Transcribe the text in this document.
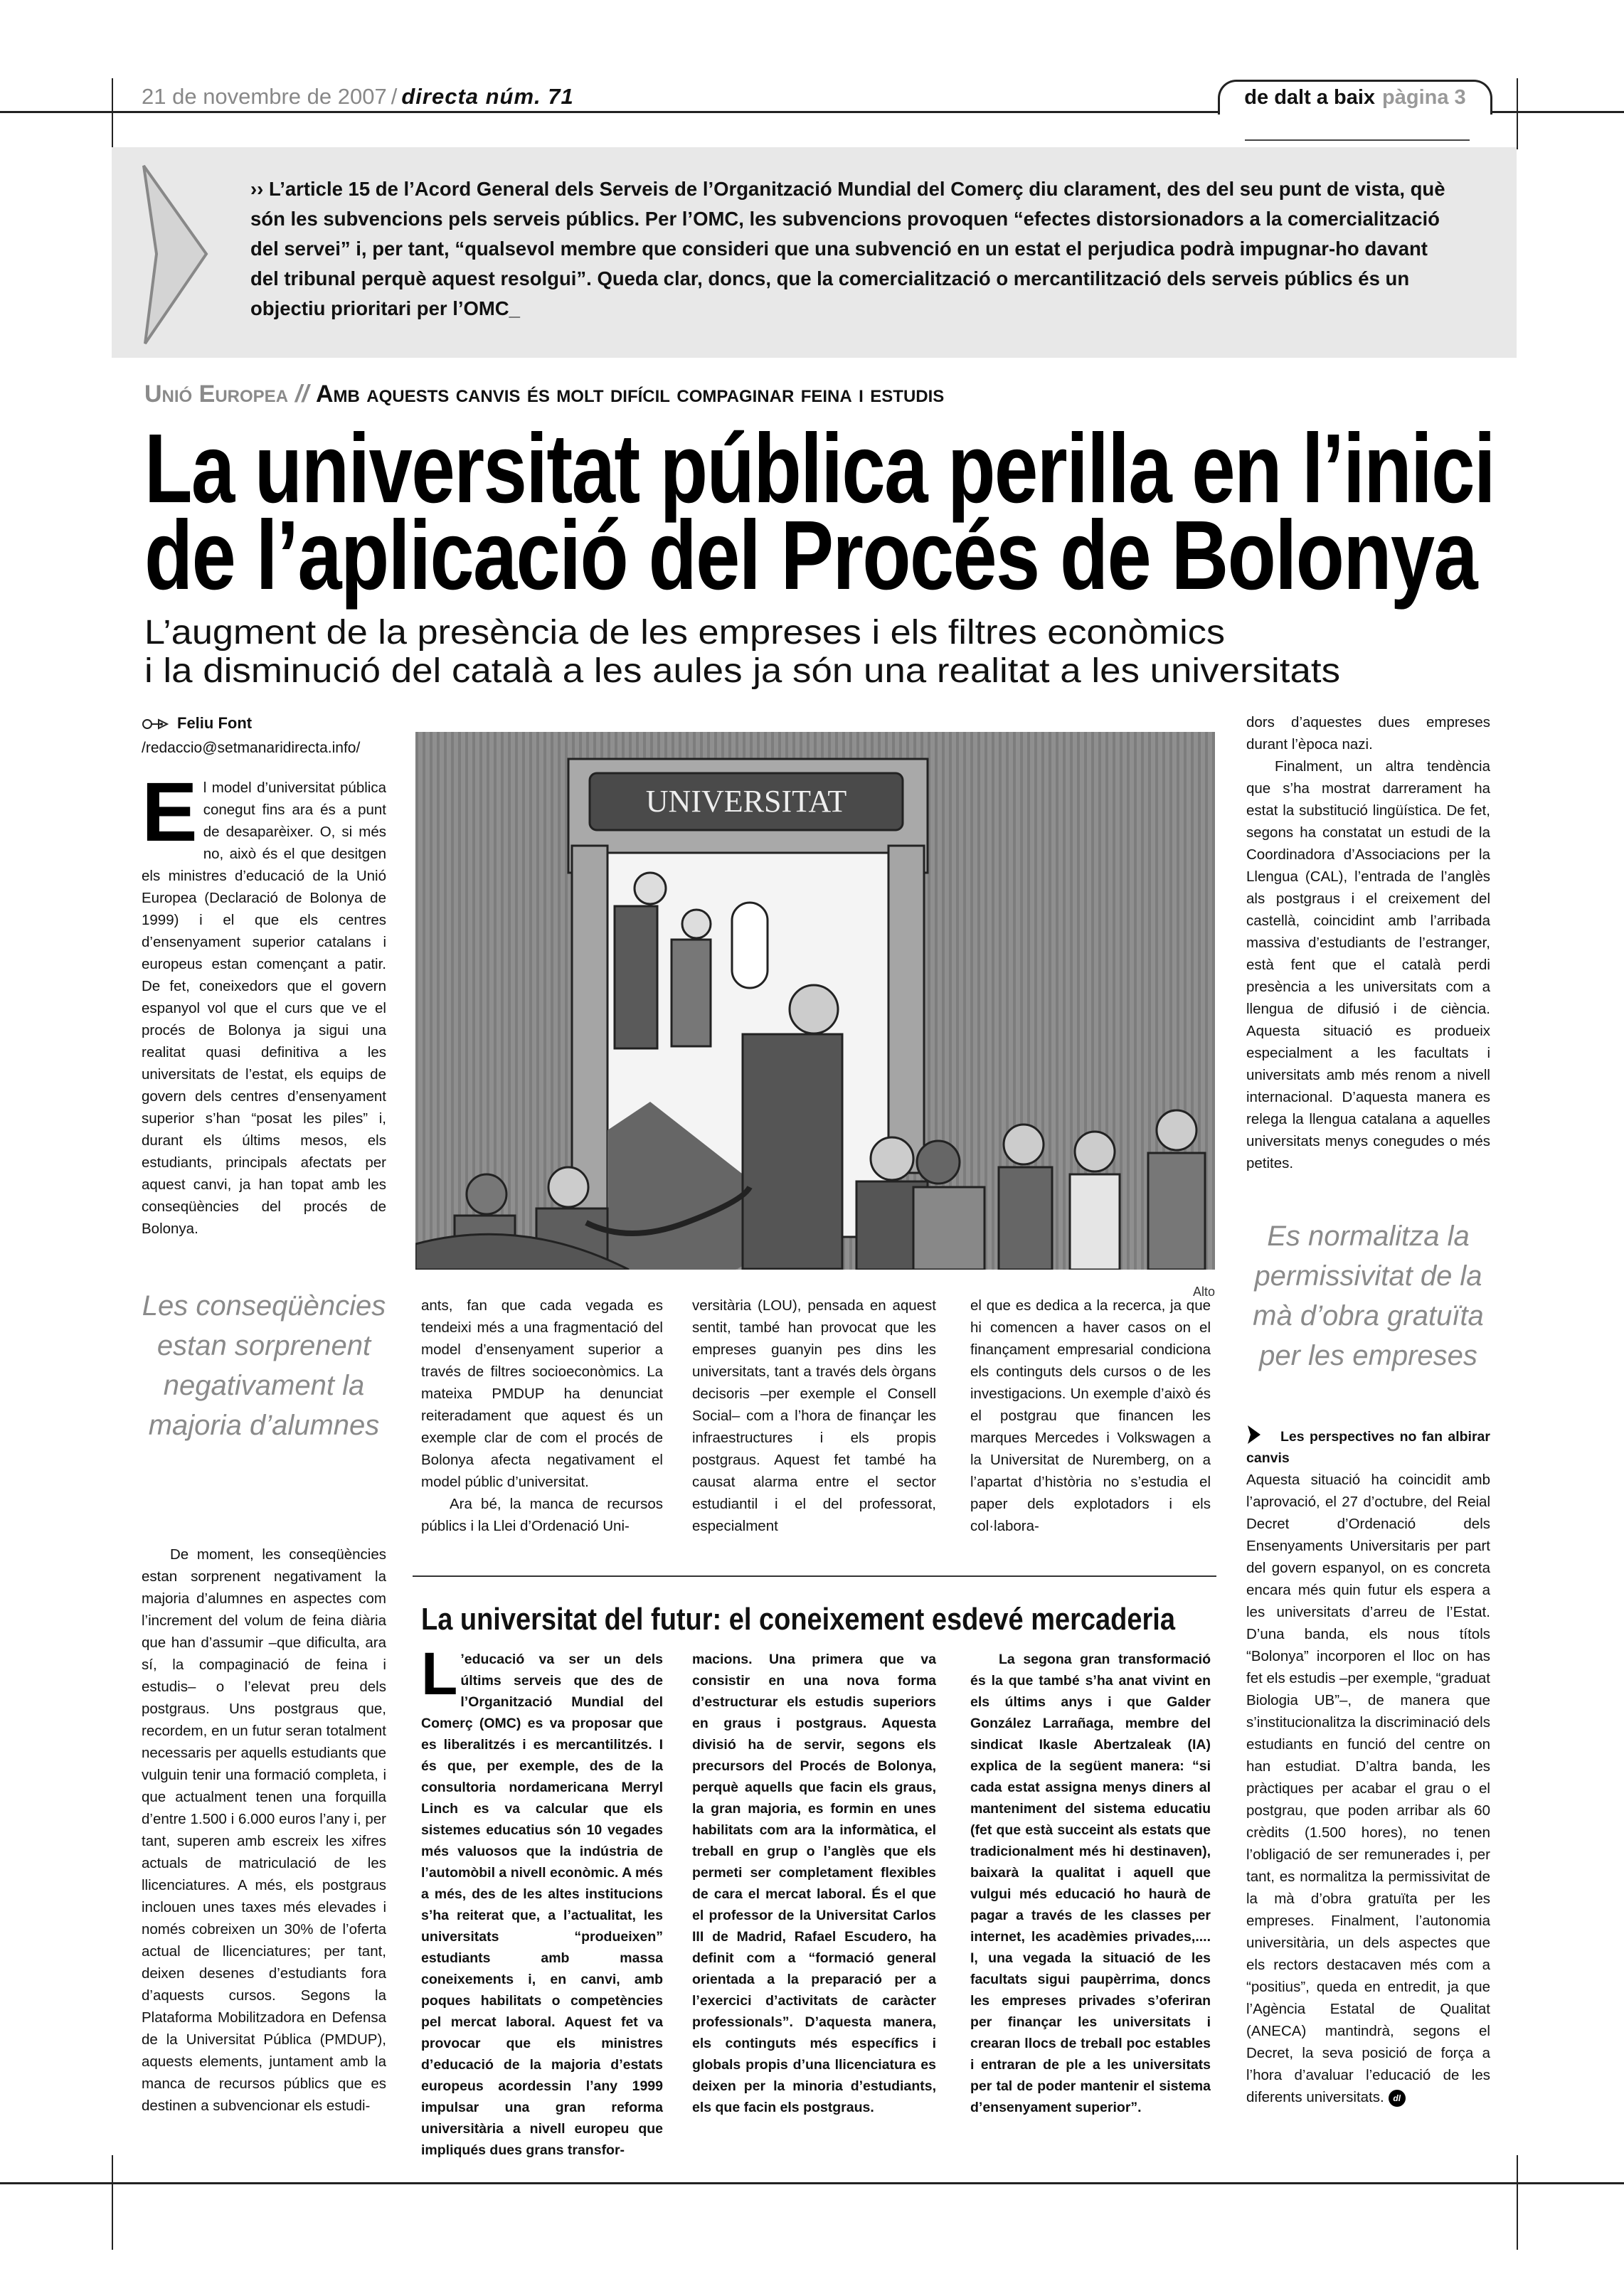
21 de novembre de 2007 / directa núm. 71	de dalt a baix pàgina 3
›› L’article 15 de l’Acord General dels Serveis de l’Organització Mundial del Comerç diu clarament, des del seu punt de vista, què són les subvencions pels serveis públics. Per l’OMC, les subvencions provoquen “efectes distorsionadors a la comercialització del servei” i, per tant, “qualsevol membre que consideri que una subvenció en un estat el perjudica podrà impugnar-ho davant del tribunal perquè aquest resolgui”. Queda clar, doncs, que la comercialització o mercantilització dels serveis públics és un objectiu prioritari per l’OMC_
Unió Europea // Amb aquests canvis és molt difícil compaginar feina i estudis
La universitat pública perilla en l’inici
de l’aplicació del Procés de Bolonya
L’augment de la presència de les empreses i els filtres econòmics
i la disminució del català a les aules ja són una realitat a les universitats
Feliu Font
/redaccio@setmanaridirecta.info/

El model d’universitat pública conegut fins ara és a punt de desaparèixer. O, si més no, això és el que desitgen els ministres d’educació de la Unió Europea (Declaració de Bolonya de 1999) i el que els centres d’ensenyament superior catalans i europeus estan començant a patir. De fet, coneixedors que el govern espanyol vol que el curs que ve el procés de Bolonya ja sigui una realitat quasi definitiva a les universitats de l’estat, els equips de govern dels centres d’ensenyament superior s’han “posat les piles” i, durant els últims mesos, els estudiants, principals afectats per aquest canvi, ja han topat amb les conseqüències del procés de Bolonya.

Les conseqüències estan sorprenent negativament la majoria d’alumnes

De moment, les conseqüències estan sorprenent negativament la majoria d’alumnes en aspectes com l’increment del volum de feina diària que han d’assumir –que dificulta, ara sí, la compaginació de feina i estudis– o l’elevat preu dels postgraus. Uns postgraus que, recordem, en un futur seran totalment necessaris per aquells estudiants que vulguin tenir una formació completa, i que actualment tenen una forquilla d’entre 1.500 i 6.000 euros l’any i, per tant, superen amb escreix les xifres actuals de matriculació de les llicenciatures. A més, els postgraus inclouen unes taxes més elevades i només cobreixen un 30% de l’oferta actual de llicenciatures; per tant, deixen desenes d’estudiants fora d’aquests cursos. Segons la Plataforma Mobilitzadora en Defensa de la Universitat Pública (PMDUP), aquests elements, juntament amb la manca de recursos públics que es destinen a subvencionar els estudi-

UNIVERSITAT
Alto

ants, fan que cada vegada es tendeixi més a una fragmentació del model d’ensenyament superior a través de filtres socioeconòmics. La mateixa PMDUP ha denunciat reiteradament que aquest és un exemple clar de com el procés de Bolonya afecta negativament el model públic d’universitat.

Ara bé, la manca de recursos públics i la Llei d’Ordenació Uni-

versitària (LOU), pensada en aquest sentit, també han provocat que les empreses guanyin pes dins les universitats, tant a través dels òrgans decisoris –per exemple el Consell Social– com a l’hora de finançar les infraestructures i els propis postgraus. Aquest fet també ha causat alarma entre el sector estudiantil i el del professorat, especialment

el que es dedica a la recerca, ja que hi comencen a haver casos on el finançament empresarial condiciona els continguts dels cursos o de les investigacions. Un exemple d’això és el postgrau que financen les marques Mercedes i Volkswagen a la Universitat de Nuremberg, on a l’apartat d’història no s’estudia el paper dels explotadors i els col·labora-

dors d’aquestes dues empreses durant l’època nazi.

Finalment, un altra tendència que s’ha mostrat darrerament ha estat la substitució lingüística. De fet, segons ha constatat un estudi de la Coordinadora d’Associacions per la Llengua (CAL), l’entrada de l’anglès als postgraus i el creixement del castellà, coincidint amb l’arribada massiva d’estudiants de l’estranger, està fent que el català perdi presència a les universitats com a llengua de difusió i de ciència. Aquesta situació es produeix especialment a les facultats i universitats amb més renom a nivell internacional. D’aquesta manera es relega la llengua catalana a aquelles universitats menys conegudes o més petites.

Es normalitza la permissivitat de la mà d’obra gratuïta per les empreses

Les perspectives no fan albirar canvis

Aquesta situació ha coincidit amb l’aprovació, el 27 d’octubre, del Reial Decret d’Ordenació dels Ensenyaments Universitaris per part del govern espanyol, on es concreta encara més quin futur els espera a les universitats d’arreu de l’Estat. D’una banda, els nous títols “Bolonya” incorporen el lloc on has fet els estudis –per exemple, “graduat Biologia UB”–, de manera que s’institucionalitza la discriminació dels estudiants en funció del centre on han estudiat. D’altra banda, les pràctiques per acabar el grau o el postgrau, que poden arribar als 60 crèdits (1.500 hores), no tenen l’obligació de ser remunerades i, per tant, es normalitza la permissivitat de la mà d’obra gratuïta per les empreses. Finalment, l’autonomia universitària, un dels aspectes que els rectors destacaven més com a “positius”, queda en entredit, ja que l’Agència Estatal de Qualitat (ANECA) mantindrà, segons el Decret, la seva posició de força a l’hora d’avaluar l’educació de les diferents universitats. dl

La universitat del futur: el coneixement esdevé mercaderia

L ’educació va ser un dels últims serveis que des de l’Organització Mundial del Comerç (OMC) es va proposar que es liberalitzés i es mercantilitzés. I és que, per exemple, des de la consultoria nordamericana Merryl Linch es va calcular que els sistemes educatius són 10 vegades més valuosos que la indústria de l’automòbil a nivell econòmic. A més a més, des de les altes institucions s’ha reiterat que, a l’actualitat, les universitats “produeixen” estudiants amb massa coneixements i, en canvi, amb poques habilitats o competències pel mercat laboral. Aquest fet va provocar que els ministres d’educació de la majoria d’estats europeus acordessin l’any 1999 impulsar una gran reforma universitària a nivell europeu que impliqués dues grans transfor-

macions. Una primera que va consistir en una nova forma d’estructurar els estudis superiors en graus i postgraus. Aquesta divisió ha de servir, segons els precursors del Procés de Bolonya, perquè aquells que facin els graus, la gran majoria, es formin en unes habilitats com ara la informàtica, el treball en grup o l’anglès que els permeti ser completament flexibles de cara el mercat laboral. És el que el professor de la Universitat Carlos III de Madrid, Rafael Escudero, ha definit com a “formació general orientada a la preparació per a l’exercici d’activitats de caràcter professionals”. D’aquesta manera, els continguts més específics i globals propis d’una llicenciatura es deixen per la minoria d’estudiants, els que facin els postgraus.

La segona gran transformació és la que també s’ha anat vivint en els últims anys i que Galder González Larrañaga, membre del sindicat Ikasle Abertzaleak (IA) explica de la següent manera: “si cada estat assigna menys diners al manteniment del sistema educatiu (fet que està succeint als estats que tradicionalment més hi destinaven), baixarà la qualitat i aquell que vulgui més educació ho haurà de pagar a través de les classes per internet, les acadèmies privades,.... I, una vegada la situació de les facultats sigui paupèrrima, doncs les empreses privades s’oferiran per finançar les universitats i crearan llocs de treball poc estables i entraran de ple a les universitats per tal de poder mantenir el sistema d’ensenyament superior”.
